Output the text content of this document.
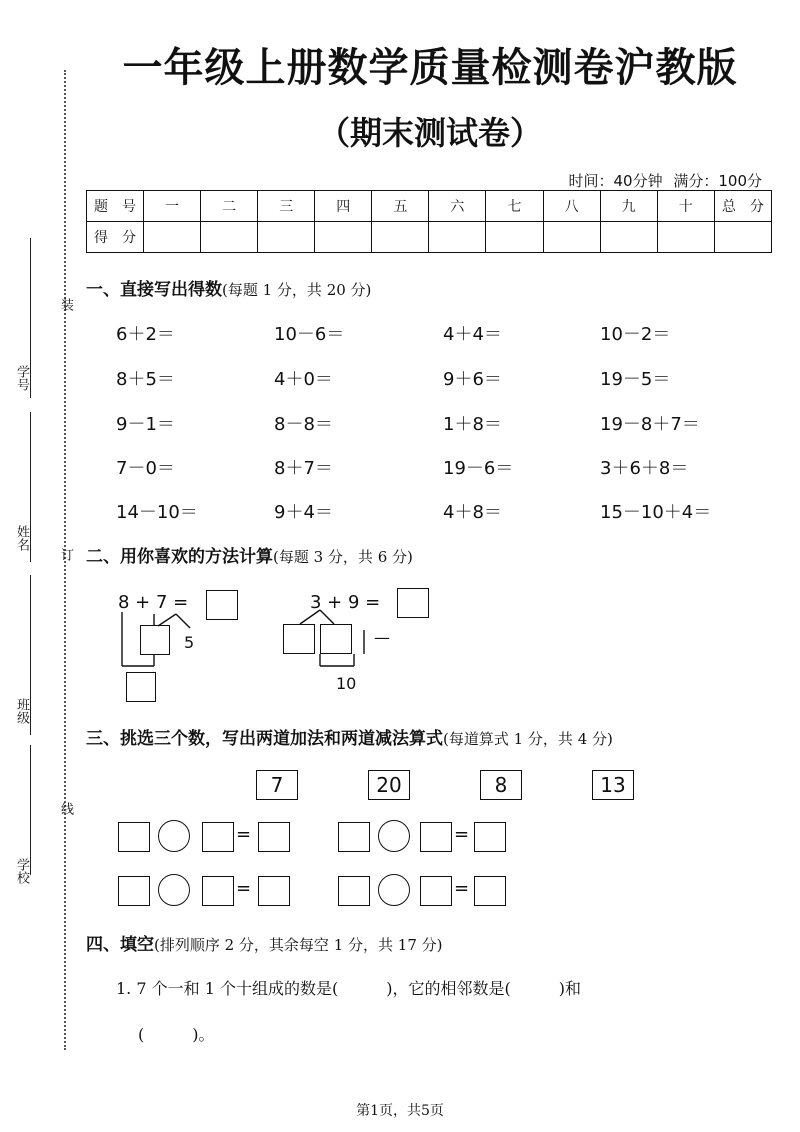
装
订
线
学号
姓名
班级
学校
一年级上册数学质量检测卷沪教版
（期末测试卷）
时间：40分钟 满分：100分
题　号	一	二	三	四	五	六	七	八	九	十	总　分
得　分											
一、直接写出得数(每题 1 分，共 20 分)
6＋2＝	10－6＝	4＋4＝	10－2＝
8＋5＝	4＋0＝	9＋6＝	19－5＝
9－1＝	8－8＝	1＋8＝	19－8＋7＝
7－0＝	8＋7＝	19－6＝	3＋6＋8＝
14－10＝	9＋4＝	4＋8＝	15－10＋4＝
二、用你喜欢的方法计算(每题 3 分，共 6 分)
8 + 7 =
5
3 + 9 =
—
10
三、挑选三个数，写出两道加法和两道减法算式(每道算式 1 分，共 4 分)
7	20	8	13
=	=
=	=
四、填空(排列顺序 2 分，其余每空 1 分，共 17 分)
1. 7 个一和 1 个十组成的数是(　　　)，它的相邻数是(　　　)和
(　　　)。
第1页，共5页
